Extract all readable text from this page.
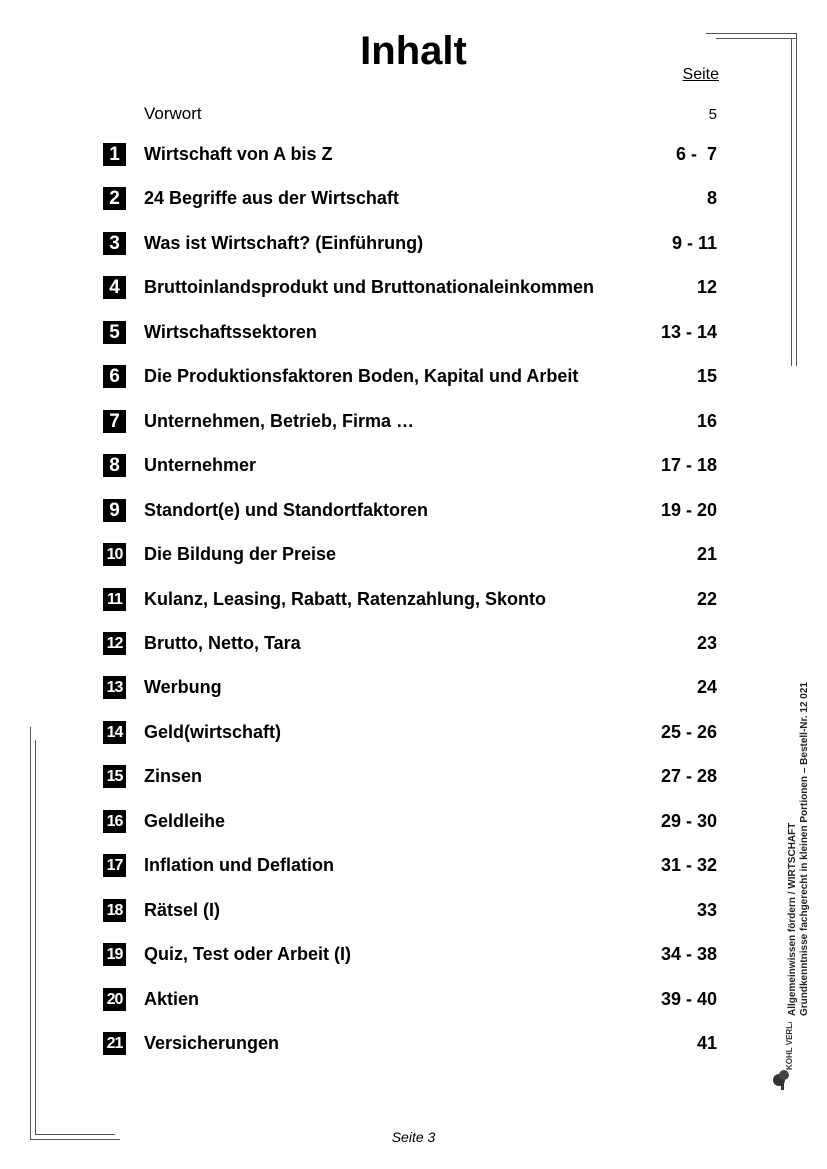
Inhalt
Seite
Vorwort	5
1	Wirtschaft von A bis Z	6 -  7
2	24 Begriffe aus der Wirtschaft	8
3	Was ist Wirtschaft? (Einführung)	9 - 11
4	Bruttoinlandsprodukt und Bruttonationaleinkommen	12
5	Wirtschaftssektoren	13 - 14
6	Die Produktionsfaktoren Boden, Kapital und Arbeit	15
7	Unternehmen, Betrieb, Firma …	16
8	Unternehmer	17 - 18
9	Standort(e) und Standortfaktoren	19 - 20
10 Die Bildung der Preise	21
11 Kulanz, Leasing, Rabatt, Ratenzahlung, Skonto	22
12 Brutto, Netto, Tara	23
13 Werbung	24
14 Geld(wirtschaft)	25 - 26
15 Zinsen	27 - 28
16 Geldleihe	29 - 30
17 Inflation und Deflation	31 - 32
18 Rätsel (I)	33
19 Quiz, Test oder Arbeit (I)	34 - 38
20 Aktien	39 - 40
21 Versicherungen	41
Allgemeinwissen fördern / WIRTSCHAFT Grundkenntnisse fachgerecht in kleinen Portionen – Bestell-Nr. 12 021
KOHL VERLAG
Seite 3
